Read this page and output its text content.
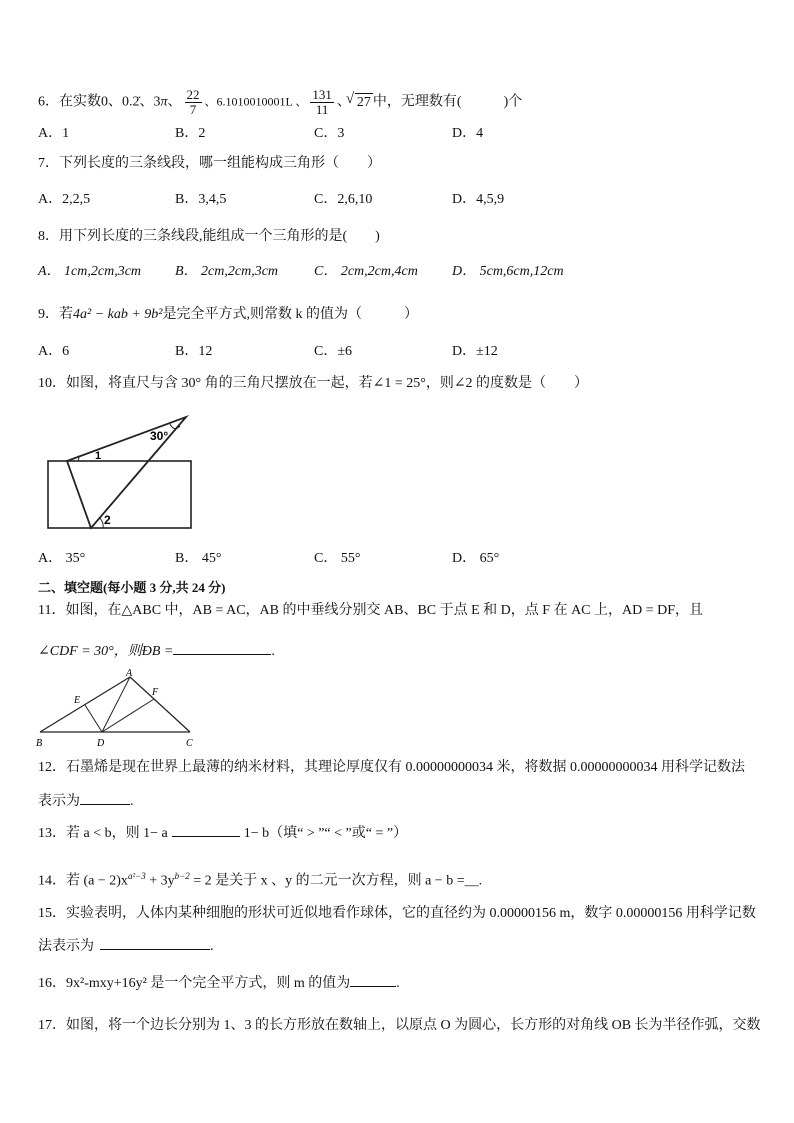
6．在实数0、0.2̇、3π、 $\frac{22}{7}$ 、6.1010010001L 、 $\frac{131}{11}$ 、√ 27 中，无理数有(　　　)个
A．1	B．2	C．3	D．4
7．下列长度的三条线段，哪一组能构成三角形（　　）
A．2,2,5	B．3,4,5	C．2,6,10	D．4,5,9
8．用下列长度的三条线段,能组成一个三角形的是(　　)
A． 1cm,2cm,3cm B． 2cm,2cm,3cm	C． 2cm,2cm,4cm D． 5cm,6cm,12cm
9．若4a² − kab + 9b²是完全平方式,则常数 k 的值为（　　　）
A．6	B．12	C．±6	D．±12
10．如图，将直尺与含 30° 角的三角尺摆放在一起，若∠1 = 25°，则∠2 的度数是（　　）
30°
1
2
A． 35°	B． 45°	C． 55°	D． 65°
二、填空题(每小题 3 分,共 24 分)
11．如图，在△ABC 中，AB = AC，AB 的中垂线分别交 AB、BC 于点 E 和 D，点 F 在 AC 上，AD = DF，且
∠CDF = 30°，则ÐB =	.
A
B	C
D
E
F
12．石墨烯是现在世界上最薄的纳米材料，其理论厚度仅有 0.00000000034 米，将数据 0.00000000034 用科学记数法
表示为	.
13．若 a < b，则 1− a	1− b（填“ > ”“ < ”或“ = ”）
14．若 $(a - 2)x^{a^2-3} + 3y^{b-2} = 2$ 是关于 x 、y 的二元一次方程，则 a − b =__.
15．实验表明，人体内某种细胞的形状可近似地看作球体，它的直径约为 0.00000156 m，数字 0.00000156 用科学记数
法表示为	.
16．9x²-mxy+16y² 是一个完全平方式，则 m 的值为	.
17．如图，将一个边长分别为 1、3 的长方形放在数轴上，以原点 O 为圆心，长方形的对角线 OB 长为半径作弧，交数
